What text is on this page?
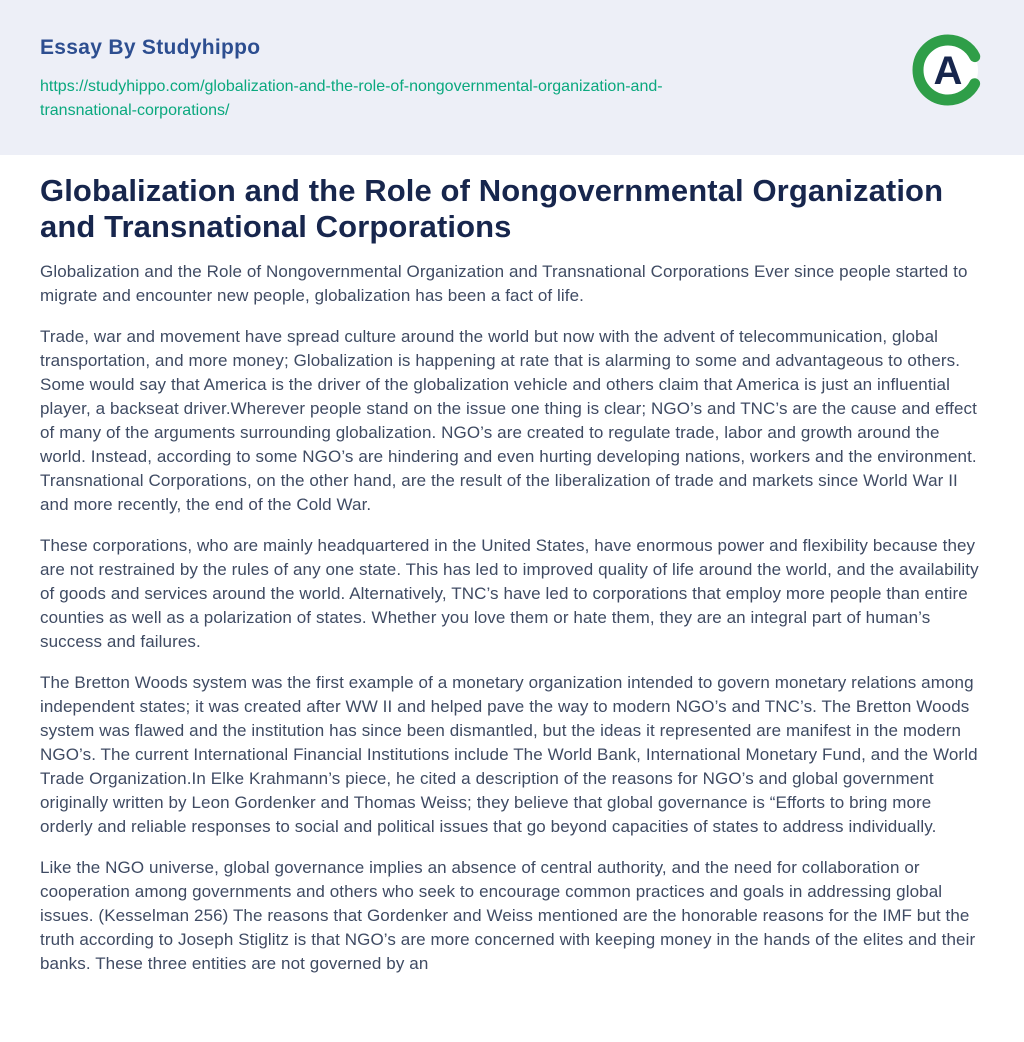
Essay By Studyhippo
https://studyhippo.com/globalization-and-the-role-of-nongovernmental-organization-and-
transnational-corporations/
A
Globalization and the Role of Nongovernmental Organization and Transnational Corporations

Globalization and the Role of Nongovernmental Organization and Transnational Corporations Ever since people started to migrate and encounter new people, globalization has been a fact of life.

Trade, war and movement have spread culture around the world but now with the advent of telecommunication, global transportation, and more money; Globalization is happening at rate that is alarming to some and advantageous to others. Some would say that America is the driver of the globalization vehicle and others claim that America is just an influential player, a backseat driver.Wherever people stand on the issue one thing is clear; NGO’s and TNC’s are the cause and effect of many of the arguments surrounding globalization. NGO’s are created to regulate trade, labor and growth around the world. Instead, according to some NGO’s are hindering and even hurting developing nations, workers and the environment. Transnational Corporations, on the other hand, are the result of the liberalization of trade and markets since World War II and more recently, the end of the Cold War.

These corporations, who are mainly headquartered in the United States, have enormous power and flexibility because they are not restrained by the rules of any one state. This has led to improved quality of life around the world, and the availability of goods and services around the world. Alternatively, TNC’s have led to corporations that employ more people than entire counties as well as a polarization of states. Whether you love them or hate them, they are an integral part of human’s success and failures.

The Bretton Woods system was the first example of a monetary organization intended to govern monetary relations among independent states; it was created after WW II and helped pave the way to modern NGO’s and TNC’s. The Bretton Woods system was flawed and the institution has since been dismantled, but the ideas it represented are manifest in the modern NGO’s. The current International Financial Institutions include The World Bank, International Monetary Fund, and the World Trade Organization.In Elke Krahmann’s piece, he cited a description of the reasons for NGO’s and global government originally written by Leon Gordenker and Thomas Weiss; they believe that global governance is “Efforts to bring more orderly and reliable responses to social and political issues that go beyond capacities of states to address individually.

Like the NGO universe, global governance implies an absence of central authority, and the need for collaboration or cooperation among governments and others who seek to encourage common practices and goals in addressing global issues. (Kesselman 256) The reasons that Gordenker and Weiss mentioned are the honorable reasons for the IMF but the truth according to Joseph Stiglitz is that NGO’s are more concerned with keeping money in the hands of the elites and their banks. These three entities are not governed by an
